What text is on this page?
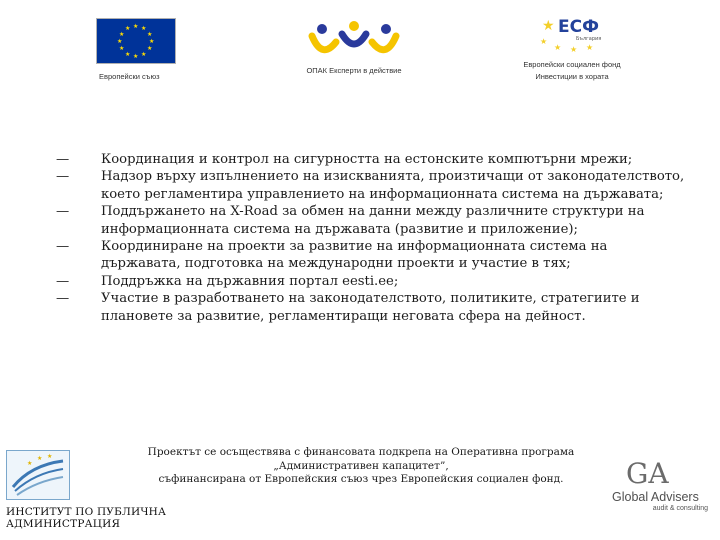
★ ★
★
★
★
★
★
★
★
★
★
★
Европейски съюз
ОПАК Експерти в действие
★ ЕСФ
България
★
★ ★ ★
Европейски социален фонд
Инвестиции в хората
— Координация и контрол на сигурността на естонските компютърни мрежи;
— Надзор върху изпълнението на изискванията, произтичащи от законодателството, което регламентира управлението на информационната система на държавата;
— Поддържането на X-Road за обмен на данни между различните структури на информационната система на държавата (развитие и приложение);
— Координиране на проекти за развитие на информационната система на държавата, подготовка на международни проекти и участие в тях;
— Поддръжка на държавния портал eesti.ee;
— Участие в разработването на законодателството, политиките, стратегиите и плановете за развитие, регламентиращи неговата сфера на дейност.
★
★ ★
ИНСТИТУТ ПО ПУБЛИЧНА
АДМИНИСТРАЦИЯ
Проектът се осъществява с финансовата подкрепа на Оперативна програма
„Административен капацитет”,
съфинансирана от Европейския съюз чрез Европейския социален фонд.	GA
Global Advisers
audit & consulting
